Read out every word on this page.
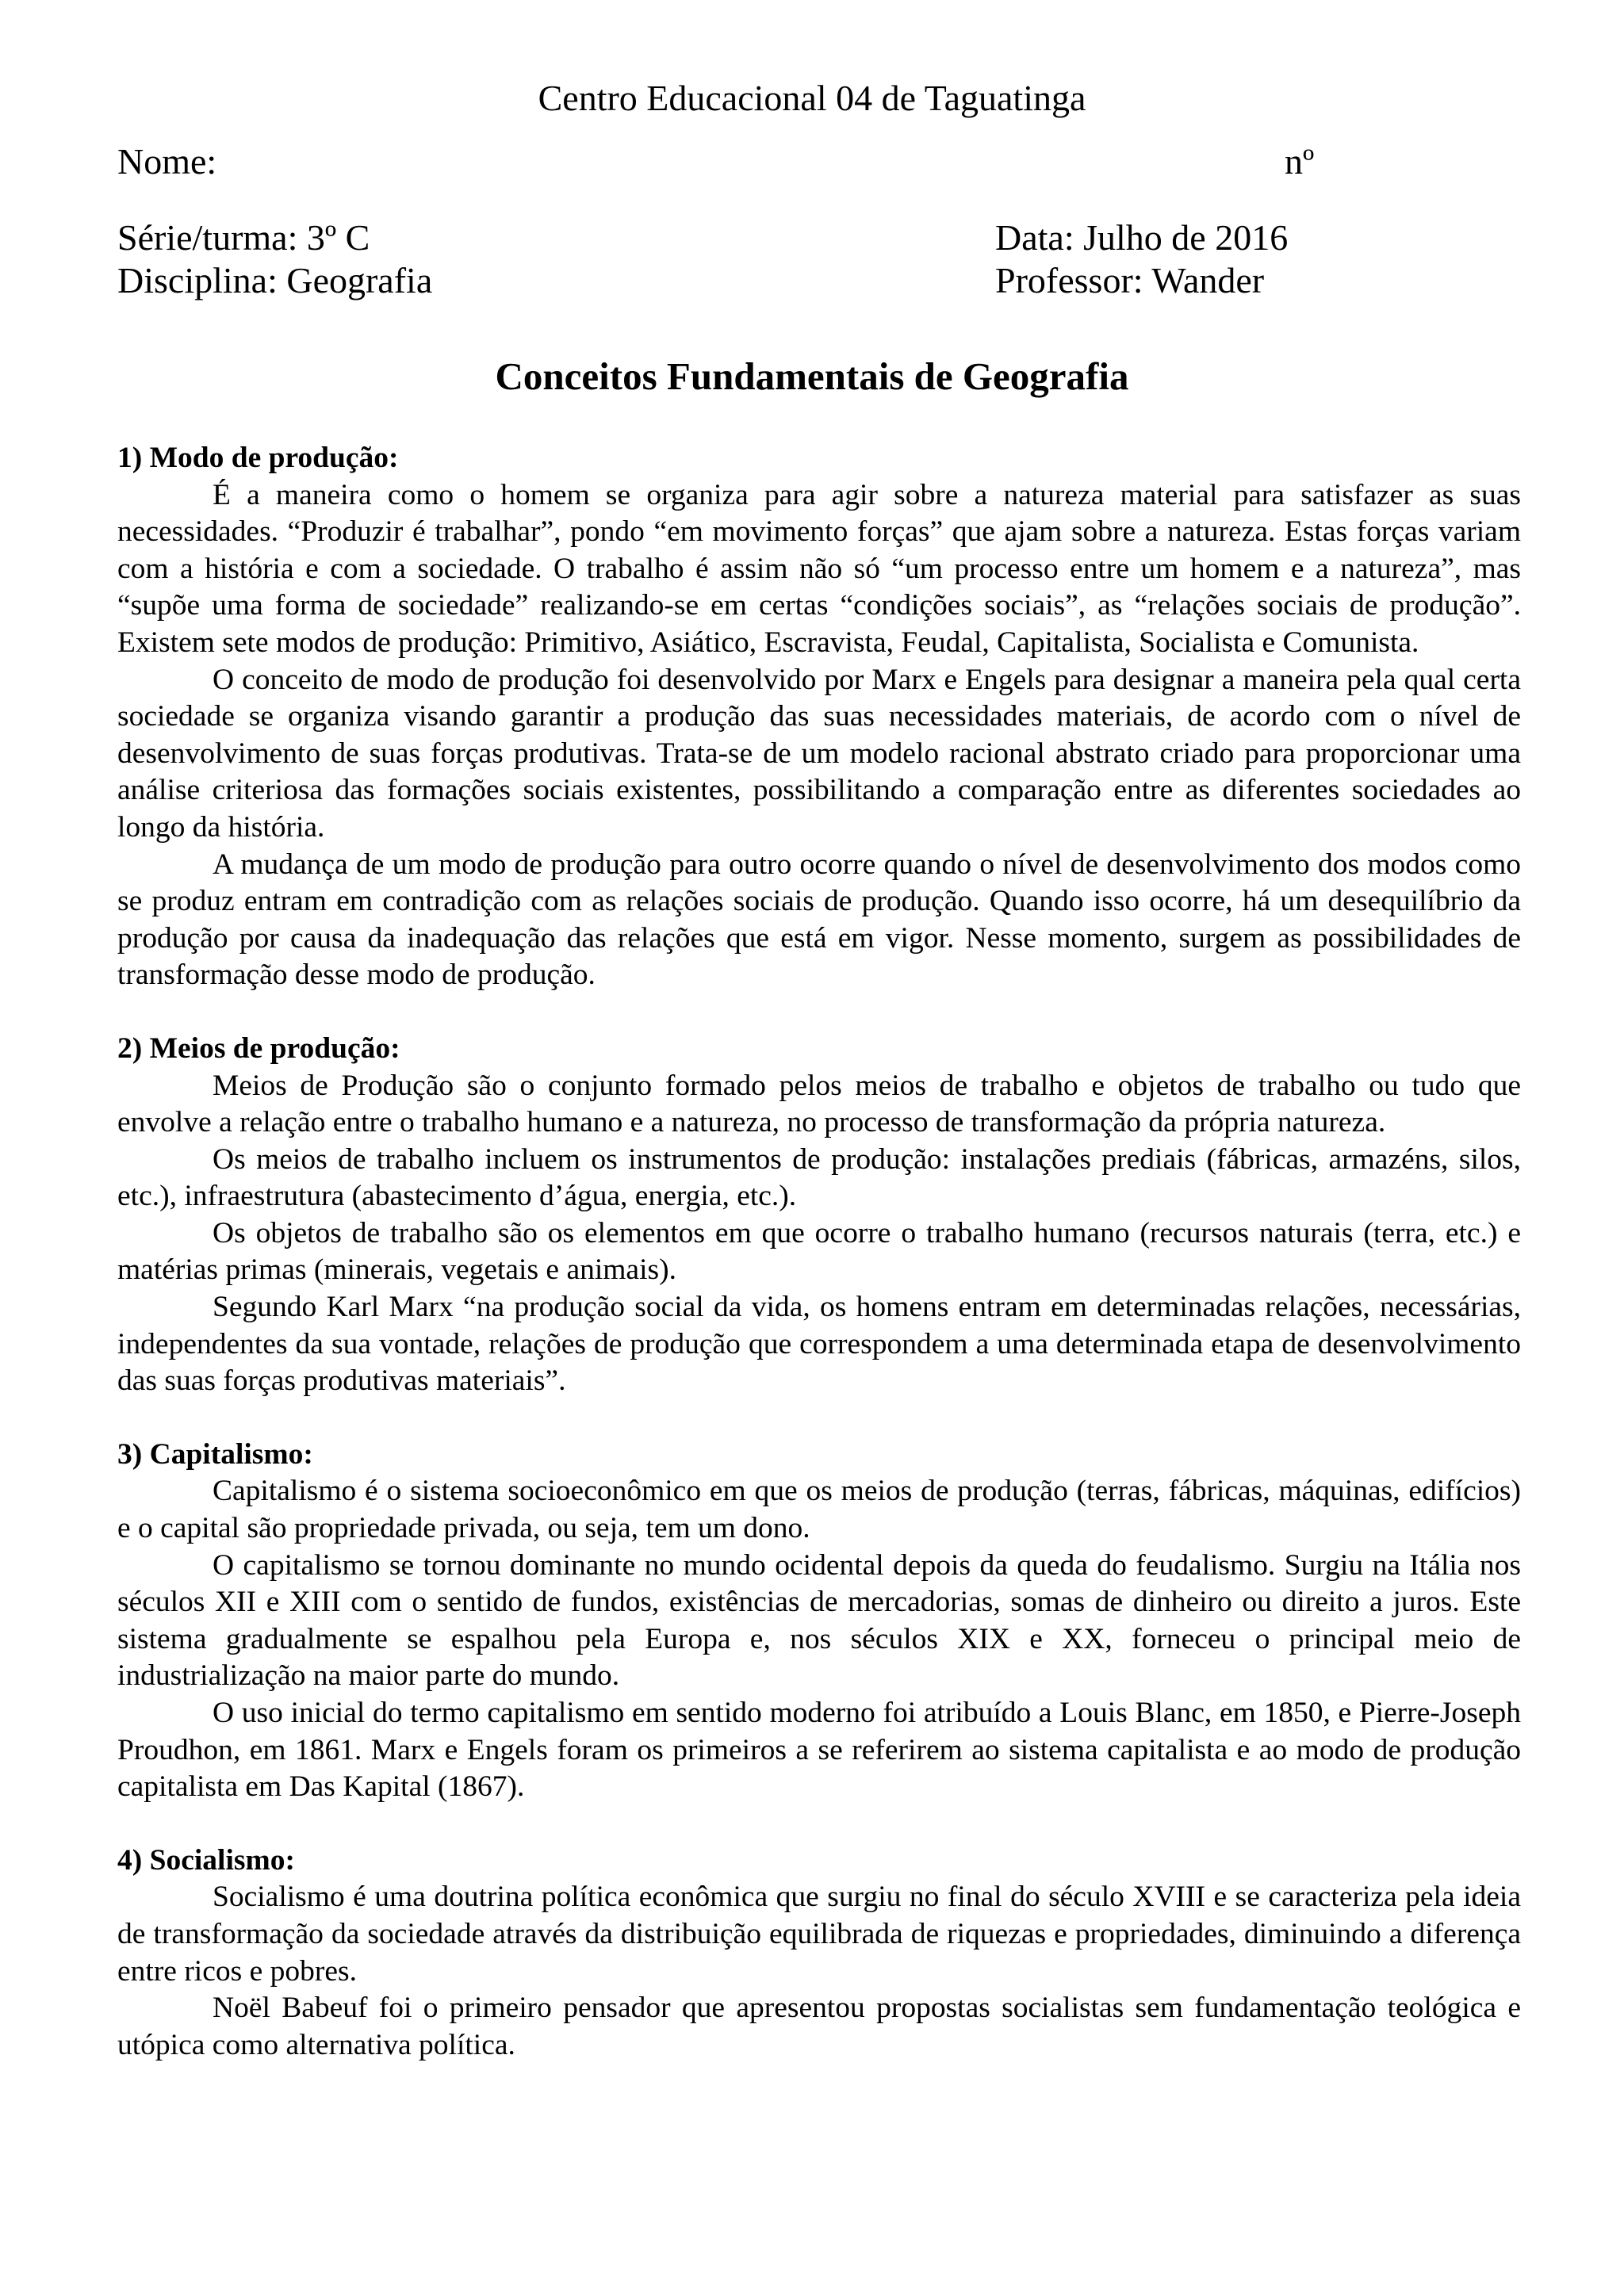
Centro Educacional 04 de Taguatinga
Nome:	nº
Série/turma: 3º C	Data: Julho de 2016
Disciplina: Geografia	Professor: Wander
Conceitos Fundamentais de Geografia
1) Modo de produção:

É a maneira como o homem se organiza para agir sobre a natureza material para satisfazer as suas necessidades. “Produzir é trabalhar”, pondo “em movimento forças” que ajam sobre a natureza. Estas forças variam com a história e com a sociedade. O trabalho é assim não só “um processo entre um homem e a natureza”, mas “supõe uma forma de sociedade” realizando-se em certas “condições sociais”, as “relações sociais de produção”. Existem sete modos de produção: Primitivo, Asiático, Escravista, Feudal, Capitalista, Socialista e Comunista.

O conceito de modo de produção foi desenvolvido por Marx e Engels para designar a maneira pela qual certa sociedade se organiza visando garantir a produção das suas necessidades materiais, de acordo com o nível de desenvolvimento de suas forças produtivas. Trata-se de um modelo racional abstrato criado para proporcionar uma análise criteriosa das formações sociais existentes, possibilitando a comparação entre as diferentes sociedades ao longo da história.

A mudança de um modo de produção para outro ocorre quando o nível de desenvolvimento dos modos como se produz entram em contradição com as relações sociais de produção. Quando isso ocorre, há um desequilíbrio da produção por causa da inadequação das relações que está em vigor. Nesse momento, surgem as possibilidades de transformação desse modo de produção.

2) Meios de produção:

Meios de Produção são o conjunto formado pelos meios de trabalho e objetos de trabalho ou tudo que envolve a relação entre o trabalho humano e a natureza, no processo de transformação da própria natureza.

Os meios de trabalho incluem os instrumentos de produção: instalações prediais (fábricas, armazéns, silos, etc.), infraestrutura (abastecimento d’água, energia, etc.).

Os objetos de trabalho são os elementos em que ocorre o trabalho humano (recursos naturais (terra, etc.) e matérias primas (minerais, vegetais e animais).

Segundo Karl Marx “na produção social da vida, os homens entram em determinadas relações, necessárias, independentes da sua vontade, relações de produção que correspondem a uma determinada etapa de desenvolvimento das suas forças produtivas materiais”.

3) Capitalismo:

Capitalismo é o sistema socioeconômico em que os meios de produção (terras, fábricas, máquinas, edifícios) e o capital são propriedade privada, ou seja, tem um dono.

O capitalismo se tornou dominante no mundo ocidental depois da queda do feudalismo. Surgiu na Itália nos séculos XII e XIII com o sentido de fundos, existências de mercadorias, somas de dinheiro ou direito a juros. Este sistema gradualmente se espalhou pela Europa e, nos séculos XIX e XX, forneceu o principal meio de industrialização na maior parte do mundo.

O uso inicial do termo capitalismo em sentido moderno foi atribuído a Louis Blanc, em 1850, e Pierre-Joseph Proudhon, em 1861. Marx e Engels foram os primeiros a se referirem ao sistema capitalista e ao modo de produção capitalista em Das Kapital (1867).

4) Socialismo:

Socialismo é uma doutrina política econômica que surgiu no final do século XVIII e se caracteriza pela ideia de transformação da sociedade através da distribuição equilibrada de riquezas e propriedades, diminuindo a diferença entre ricos e pobres.

Noël Babeuf foi o primeiro pensador que apresentou propostas socialistas sem fundamentação teológica e utópica como alternativa política.
